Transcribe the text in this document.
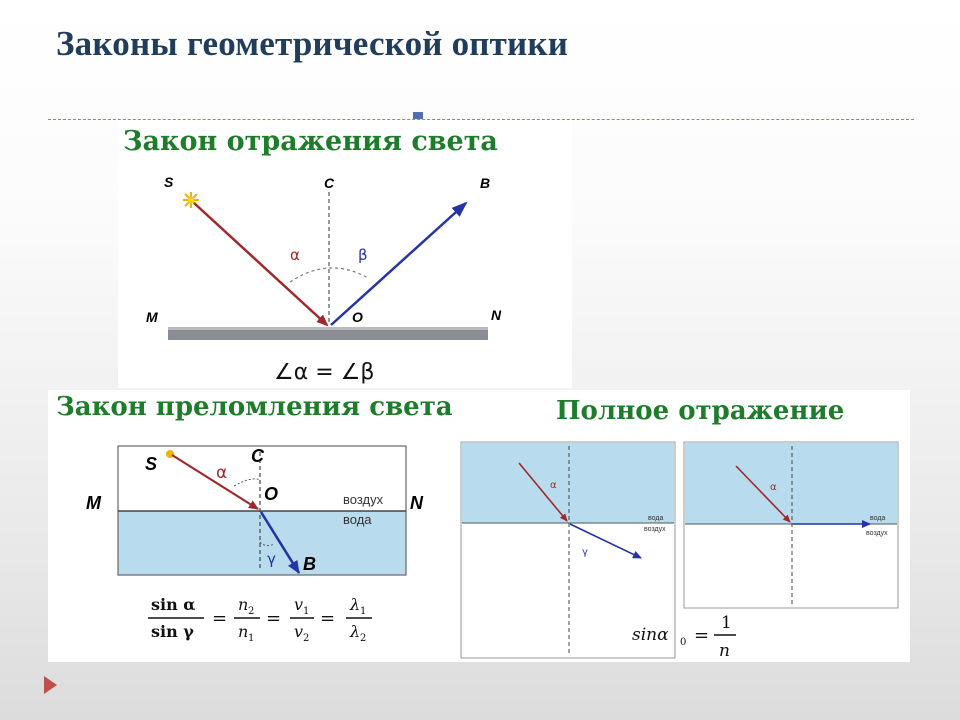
Законы геометрической оптики
Закон отражения света
S	C	B
M	N
O
α	β
∠α = ∠β
Закон преломления света	Полное отражение
S	C
M	N
O
B
α
γ
воздух
вода
sin α
sin γ
=
n 2
n 1
=
v 1
v 2
=
λ 1
λ 2
α
γ
вода
воздух
α
вода
воздух
sinα 0 =
1
n
